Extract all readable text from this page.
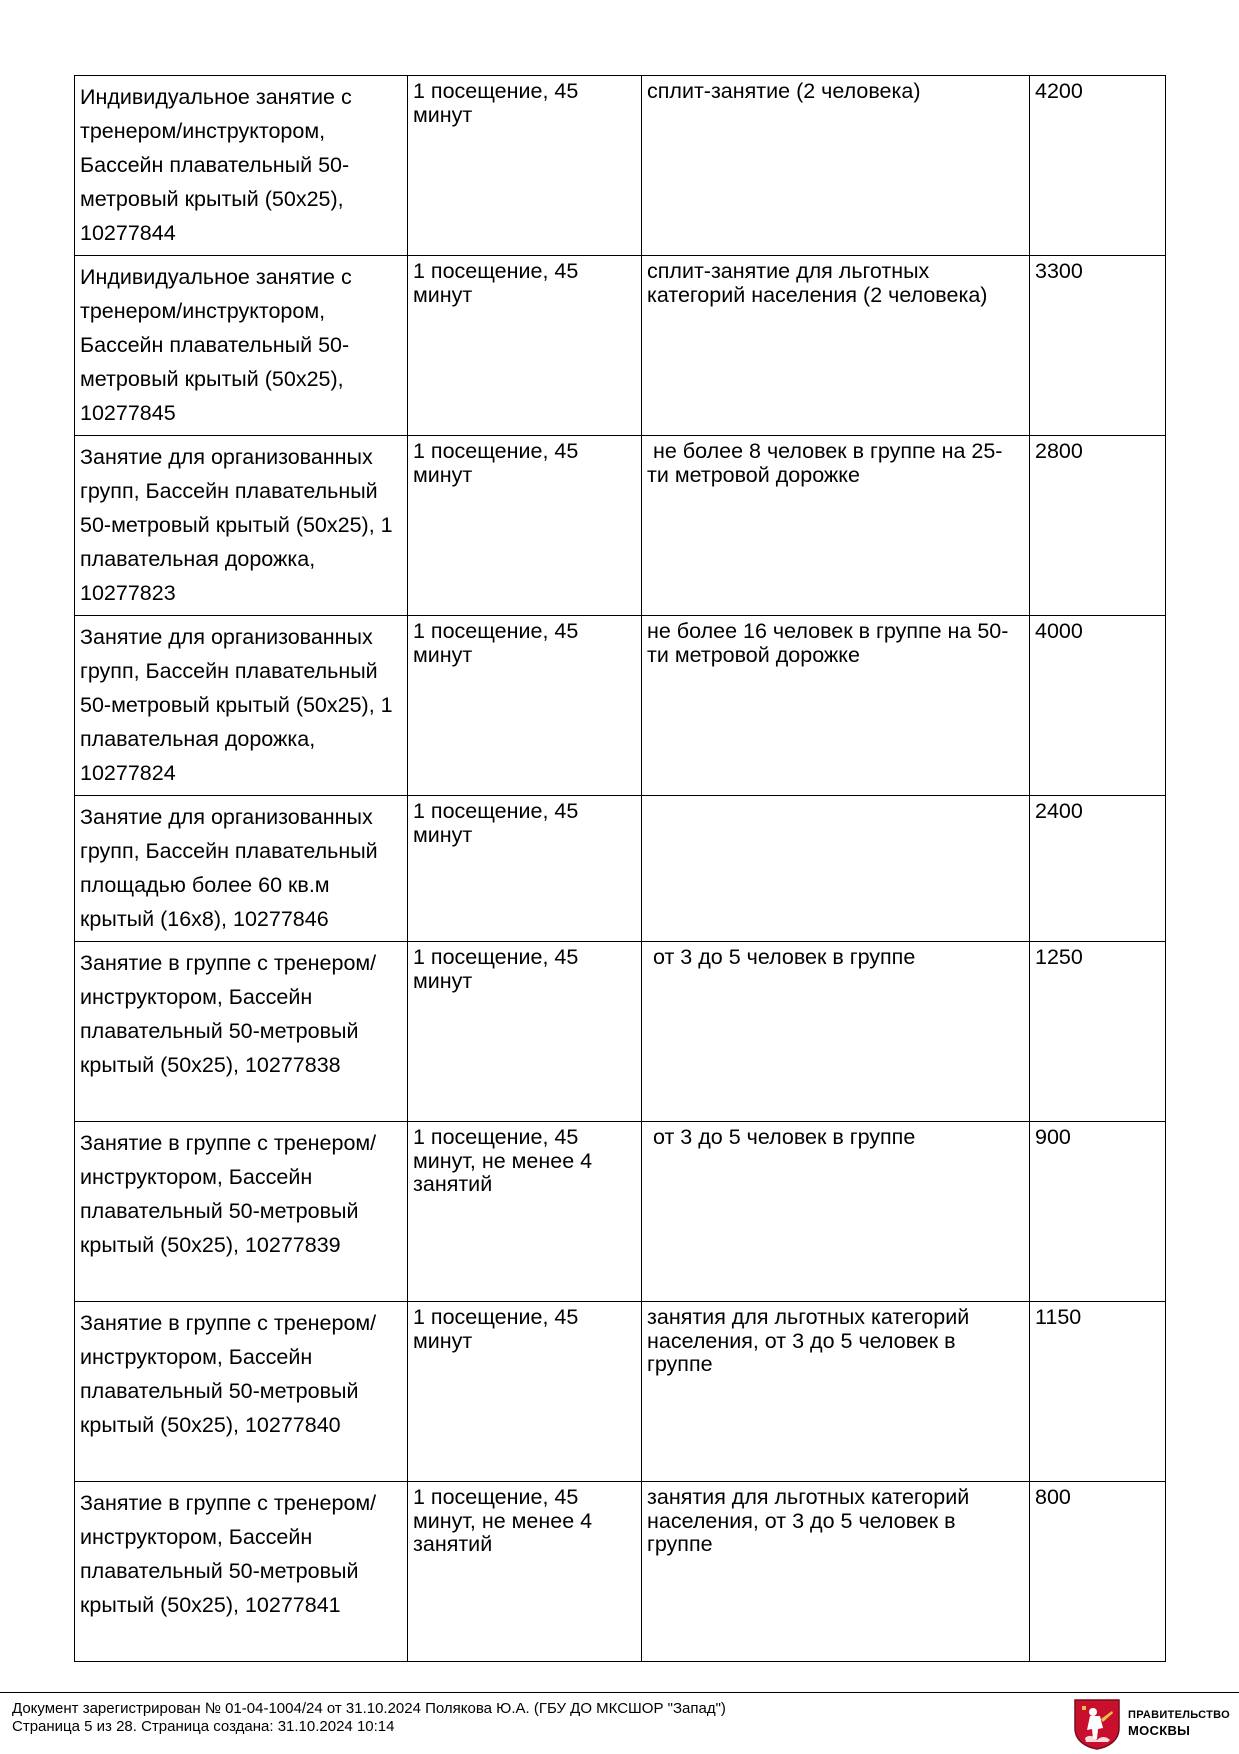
Индивидуальное занятие с тренером/инструктором, Бассейн плавательный 50-метровый крытый (50х25), 10277844	1 посещение, 45 минут	сплит-занятие (2 человека)	4200
Индивидуальное занятие с тренером/инструктором, Бассейн плавательный 50-метровый крытый (50х25), 10277845	1 посещение, 45 минут	сплит-занятие для льготных категорий населения (2 человека)	3300
Занятие для организованных групп, Бассейн плавательный 50-метровый крытый (50х25), 1 плавательная дорожка, 10277823	1 посещение, 45 минут	не более 8 человек в группе на 25-ти метровой дорожке	2800
Занятие для организованных групп, Бассейн плавательный 50-метровый крытый (50х25), 1 плавательная дорожка, 10277824	1 посещение, 45 минут	не более 16 человек в группе на 50-ти метровой дорожке	4000
Занятие для организованных групп, Бассейн плавательный площадью более 60 кв.м крытый (16х8), 10277846	1 посещение, 45 минут		2400
Занятие в группе с тренером/инструктором, Бассейн плавательный 50-метровый крытый (50х25), 10277838	1 посещение, 45 минут	от 3 до 5 человек в группе	1250
Занятие в группе с тренером/инструктором, Бассейн плавательный 50-метровый крытый (50х25), 10277839	1 посещение, 45 минут, не менее 4 занятий	от 3 до 5 человек в группе	900
Занятие в группе с тренером/инструктором, Бассейн плавательный 50-метровый крытый (50х25), 10277840	1 посещение, 45 минут	занятия для льготных категорий населения, от 3 до 5 человек в группе	1150
Занятие в группе с тренером/инструктором, Бассейн плавательный 50-метровый крытый (50х25), 10277841	1 посещение, 45 минут, не менее 4 занятий	занятия для льготных категорий населения, от 3 до 5 человек в группе	800
Документ зарегистрирован № 01-04-1004/24 от 31.10.2024 Полякова Ю.А. (ГБУ ДО МКСШОР "Запад")
Страница 5 из 28. Страница создана: 31.10.2024 10:14
ПРАВИТЕЛЬСТВО
МОСКВЫ
